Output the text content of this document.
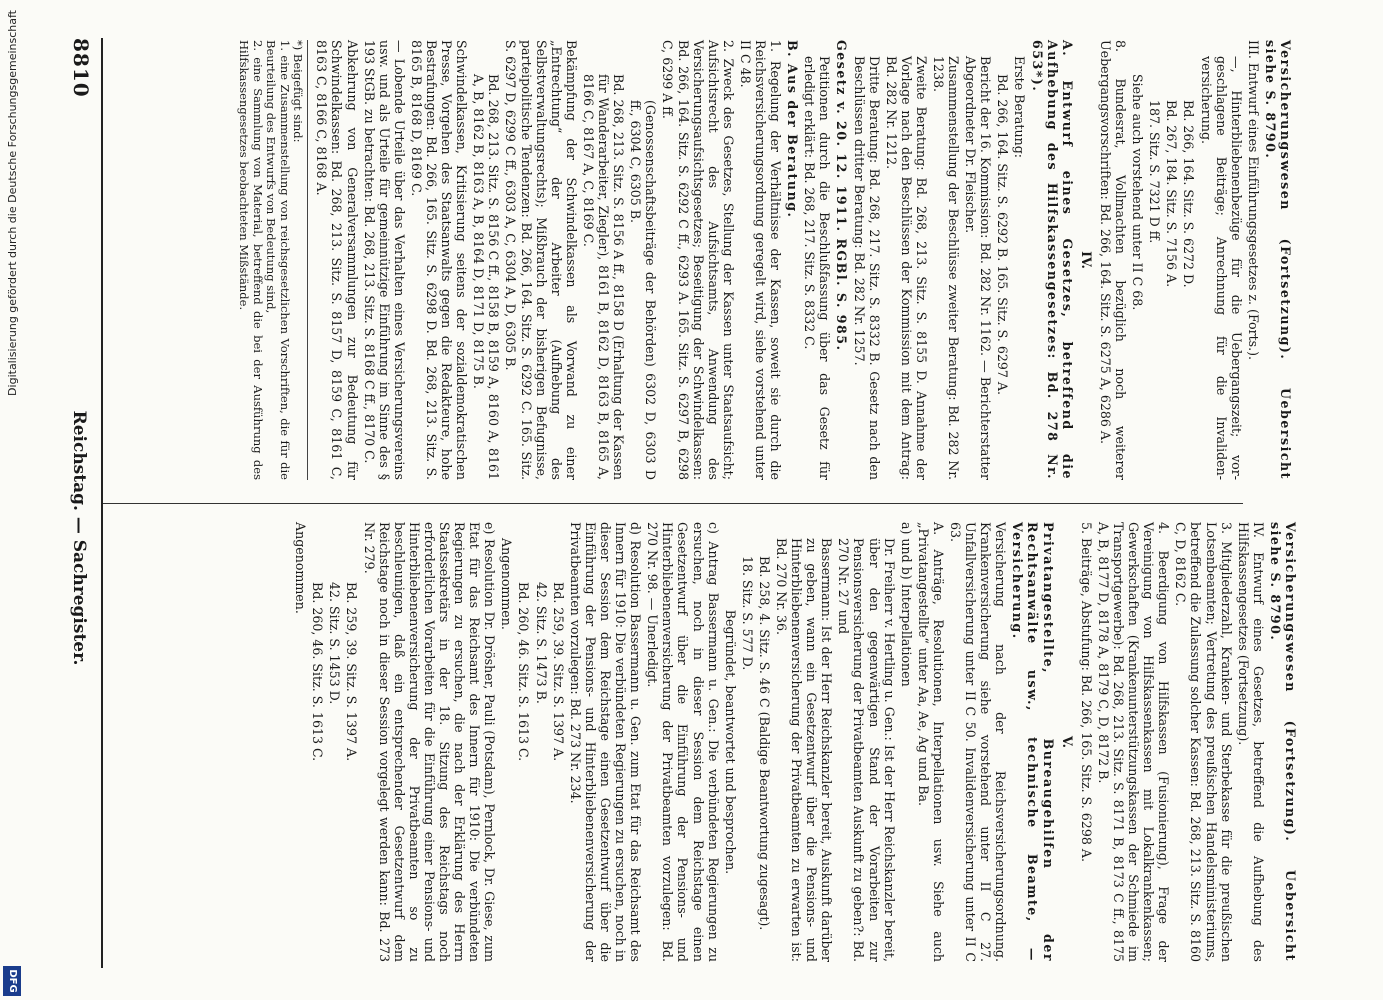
8810
Reichstag. — Sachregister.
Versicherungswesen (Fortsetzung). Uebersicht siehe S. 8790.
III. Entwurf eines Einführungsgesetzes z. (Forts.).
—, Hinterbliebenenbezüge für die Uebergangszeit; vor- geschlagene Beiträge; Anrechnung für die Invaliden- versicherung.
Bd. 266, 164. Sitz. S. 6272 D.
Bd. 267, 184. Sitz. S. 7156 A.
187. Sitz. S. 7321 D ff.
Siehe auch vorstehend unter II C 68.
8. Bundesrat, Vollmachten bezüglich noch weiterer Uebergangsvorschriften: Bd. 266, 164. Sitz. S. 6275 A, 6286 A.
IV.
A. Entwurf eines Gesetzes, betreffend die Aufhebung des Hilfskassengesetzes: Bd. 278 Nr. 653*).
Erste Beratung:
Bd. 266, 164. Sitz. S. 6292 B. 165. Sitz. S. 6297 A.
Bericht der 16. Kommission: Bd. 282 Nr. 1162. — Berichterstatter Abgeordneter Dr. Fleischer.
Zusammenstellung der Beschlüsse zweiter Beratung: Bd. 282 Nr. 1238.
Zweite Beratung: Bd. 268, 213. Sitz. S. 8155 D. Annahme der Vorlage nach den Beschlüssen der Kommission mit dem Antrag: Bd. 282 Nr. 1212.
Dritte Beratung: Bd. 268, 217. Sitz. S. 8332 B. Gesetz nach den Beschlüssen dritter Beratung: Bd. 282 Nr. 1257.
Gesetz v. 20. 12. 1911. RGBl. S. 985.
Petitionen durch die Beschlußfassung über das Gesetz für erledigt erklärt: Bd. 268, 217. Sitz. S. 8332 C.
B. Aus der Beratung.
1. Regelung der Verhältnisse der Kassen, soweit sie durch die Reichsversicherungsordnung geregelt wird, siehe vorstehend unter II C 48.
2. Zweck des Gesetzes, Stellung der Kassen unter Staatsaufsicht; Aufsichtsrecht des Aufsichtsamts, Anwendung des Versicherungsaufsichtsgesetzes; Beseitigung der Schwindelkassen: Bd. 266, 164. Sitz. S. 6292 C ff., 6293 A. 165. Sitz. S. 6297 B, 6298 C, 6299 A ff.
(Genossenschaftsbeiträge der Behörden) 6302 D, 6303 D ff., 6304 C, 6305 B.
Bd. 268, 213. Sitz. S. 8156 A ff., 8158 D (Erhaltung der Kassen für Wanderarbeiter, Ziegler), 8161 B, 8162 D, 8163 B, 8165 A, 8166 C, 8167 A, C, 8169 C.
Bekämpfung der Schwindelkassen als Vorwand zu einer „Entrechtung“ der Arbeiter (Aufhebung des Selbstverwaltungsrechts); Mißbrauch der bisherigen Befugnisse, parteipolitische Tendenzen: Bd. 266, 164. Sitz. S. 6292 C. 165. Sitz. S. 6297 D, 6299 C ff., 6303 A, C, 6304 A, D, 6305 B.
Bd. 268, 213. Sitz. S. 8156 C ff., 8158 B, 8159 A, 8160 A, 8161 A, B, 8162 B, 8163 A, B, 8164 D, 8171 D, 8175 B.
Schwindelkassen, Kritisierung seitens der sozialdemokratischen Presse, Vorgehen des Staatsanwalts gegen die Redakteure, hohe Bestrafungen: Bd. 266, 165. Sitz. S. 6298 D. Bd. 268, 213. Sitz. S. 8165 B, 8168 D, 8169 C.
— Lobende Urteile über das Verhalten eines Versicherungsvereins usw. und als Urteile für gemeinnützige Einführung im Sinne des § 193 StGB. zu betrachten: Bd. 268, 213. Sitz. S. 8168 C ff., 8170 C.
Abkehrung von Generalversammlungen zur Bedeutung für Schwindelkassen: Bd. 268, 213. Sitz. S. 8157 D, 8159 C, 8161 C, 8163 C, 8166 C, 8168 A.
*) Beigefügt sind:
1. eine Zusammenstellung von reichsgesetzlichen Vorschriften, die für die Beurteilung des Entwurfs von Bedeutung sind,
2. eine Sammlung von Material, betreffend die bei der Ausführung des Hilfskassengesetzes beobachteten Mißstände.
Versicherungswesen (Fortsetzung). Uebersicht siehe S. 8790.
IV. Entwurf eines Gesetzes, betreffend die Aufhebung des Hilfskassengesetzes (Fortsetzung).
3. Mitgliederzahl, Kranken- und Sterbekasse für die preußischen Lotsenbeamten; Vertretung des preußischen Handelsministeriums, betreffend die Zulassung solcher Kassen: Bd. 268, 213. Sitz. S. 8160 C, D, 8162 C.
4. Beerdigung von Hilfskassen (Fusionierung), Frage der Vereinigung von Hilfskassenkassen mit Lokalkrankenkassen; Gewerkschaften (Krankenunterstützungskassen der Schmiede im Transportgewerbe): Bd. 268, 213. Sitz. S. 8171 B, 8173 C ff., 8175 A, B, 8177 D, 8178 A, 8179 C, D, 8172 B.
5. Beiträge, Abstufung: Bd. 266, 165. Sitz. S. 6298 A.
V.
Privatangestellte, Bureaugehilfen der Rechtsanwälte usw., technische Beamte, — Versicherung.
Versicherung nach der Reichsversicherungsordnung. Krankenversicherung siehe vorstehend unter II C 27. Unfallversicherung unter II C 50. Invalidenversicherung unter II C 63.
A. Anträge, Resolutionen, Interpellationen usw. Siehe auch „Privatangestellte“ unter Aa, Ae, Ag und Ba.
a) und b) Interpellationen
Dr. Freiherr v. Hertling u. Gen.: Ist der Herr Reichskanzler bereit, über den gegenwärtigen Stand der Vorarbeiten zur Pensionsversicherung der Privatbeamten Auskunft zu geben?: Bd. 270 Nr. 27 und
Bassermann: Ist der Herr Reichskanzler bereit, Auskunft darüber zu geben, wann ein Gesetzentwurf über die Pensions- und Hinterbliebenenversicherung der Privatbeamten zu erwarten ist: Bd. 270 Nr. 36.
Bd. 258, 4. Sitz. S. 46 C (Baldige Beantwortung zugesagt).
18. Sitz. S. 577 D.
Begründet, beantwortet und besprochen.
c) Antrag Bassermann u. Gen.: Die verbündeten Regierungen zu ersuchen, noch in dieser Session dem Reichstage einen Gesetzentwurf über die Einführung der Pensions- und Hinterbliebenenversicherung der Privatbeamten vorzulegen: Bd. 270 Nr. 98. — Unerledigt.
d) Resolution Bassermann u. Gen. zum Etat für das Reichsamt des Innern für 1910: Die verbündeten Regierungen zu ersuchen, noch in dieser Session dem Reichstage einen Gesetzentwurf über die Einführung der Pensions- und Hinterbliebenenversicherung der Privatbeamten vorzulegen: Bd. 273 Nr. 234.
Bd. 259, 39. Sitz. S. 1397 A.
42. Sitz. S. 1473 B.
Bd. 260, 46. Sitz. S. 1613 C.
Angenommen.
e) Resolution Dr. Drösher, Pauli (Potsdam), Pernlock, Dr. Giese, zum Etat für das Reichsamt des Innern für 1910: Die verbündeten Regierungen zu ersuchen, die nach der Erklärung des Herrn Staatssekretärs in der 18. Sitzung des Reichstags noch erforderlichen Vorarbeiten für die Einführung einer Pensions- und Hinterbliebenenversicherung der Privatbeamten so zu beschleunigen, daß ein entsprechender Gesetzentwurf dem Reichstage noch in dieser Session vorgelegt werden kann: Bd. 273 Nr. 279.
Bd. 259, 39. Sitz. S. 1397 A.
42. Sitz. S. 1453 D.
Bd. 260, 46. Sitz. S. 1613 C.
Angenommen.
Digitalisierung gefördert durch die Deutsche Forschungsgemeinschaft
DFG
